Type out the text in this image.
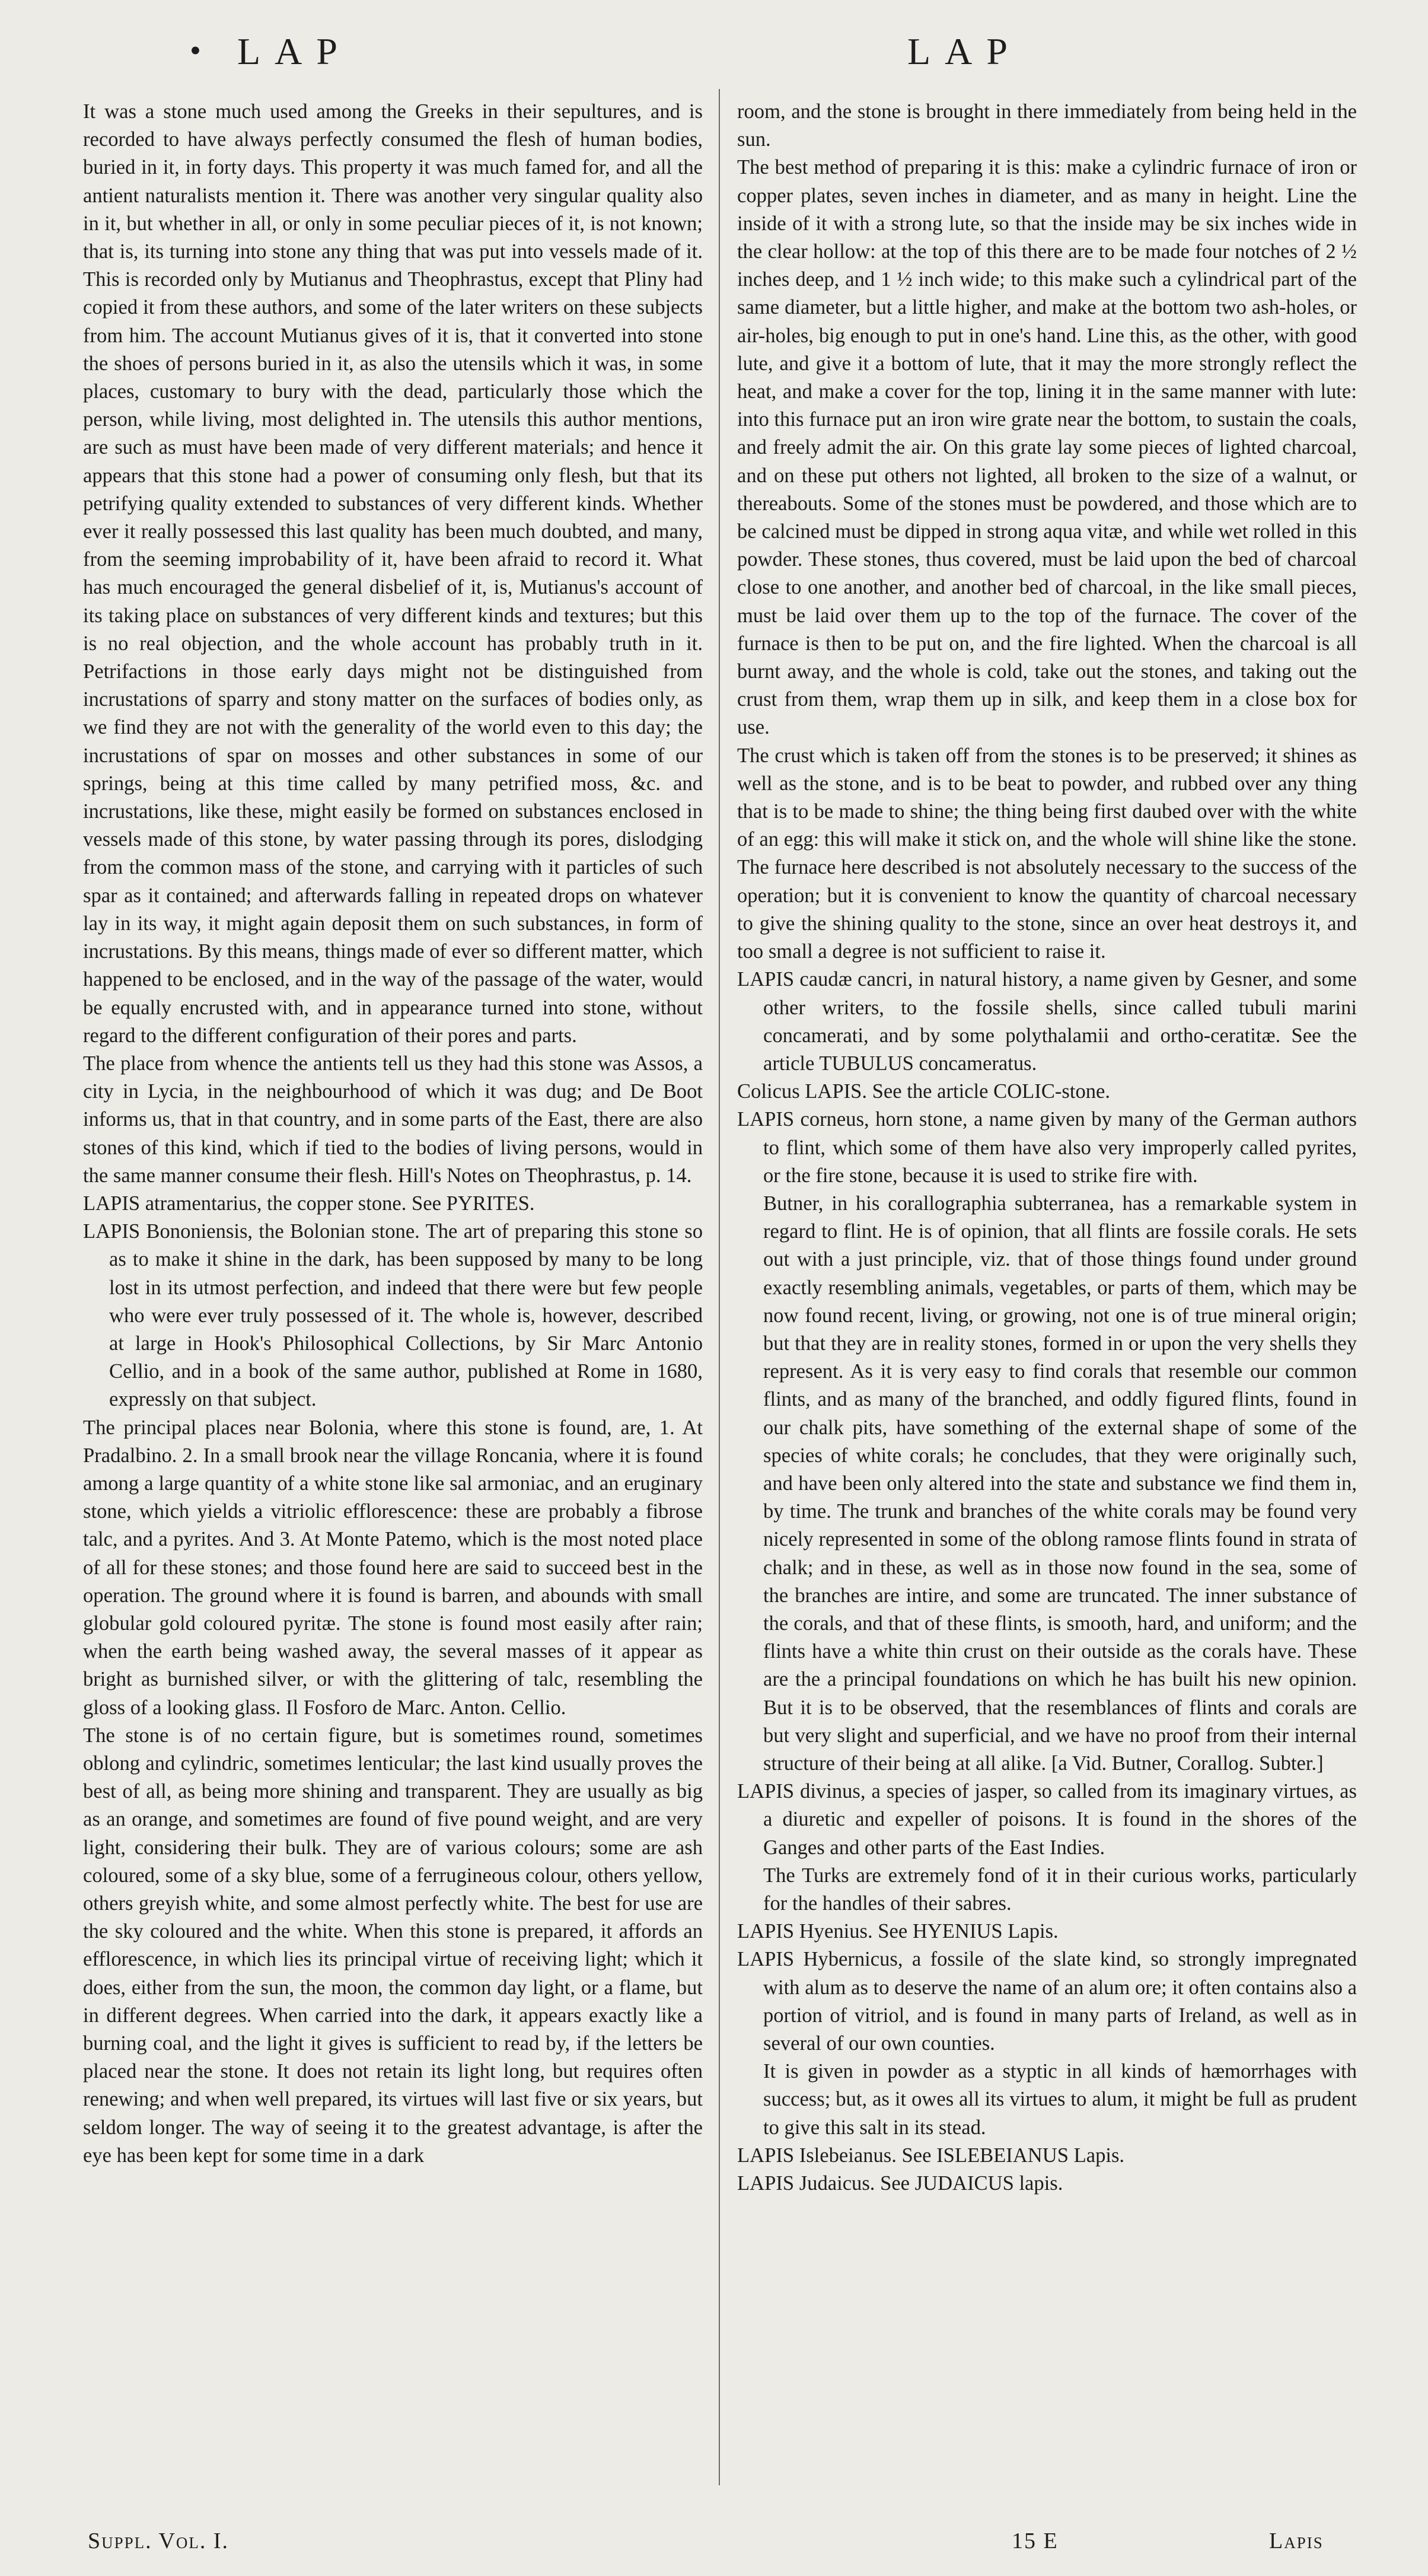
• LAP	LAP

It was a stone much used among the Greeks in their sepultures, and is recorded to have always perfectly consumed the flesh of human bodies, buried in it, in forty days. This property it was much famed for, and all the antient naturalists mention it. There was another very singular quality also in it, but whether in all, or only in some peculiar pieces of it, is not known; that is, its turning into stone any thing that was put into vessels made of it. This is recorded only by Mutianus and Theophrastus, except that Pliny had copied it from these authors, and some of the later writers on these subjects from him. The account Mutianus gives of it is, that it converted into stone the shoes of persons buried in it, as also the utensils which it was, in some places, customary to bury with the dead, particularly those which the person, while living, most delighted in. The utensils this author mentions, are such as must have been made of very different materials; and hence it appears that this stone had a power of consuming only flesh, but that its petrifying quality extended to substances of very different kinds. Whether ever it really possessed this last quality has been much doubted, and many, from the seeming improbability of it, have been afraid to record it. What has much encouraged the general disbelief of it, is, Mutianus's account of its taking place on substances of very different kinds and textures; but this is no real objection, and the whole account has probably truth in it. Petrifactions in those early days might not be distinguished from incrustations of sparry and stony matter on the surfaces of bodies only, as we find they are not with the generality of the world even to this day; the incrustations of spar on mosses and other substances in some of our springs, being at this time called by many petrified moss, &c. and incrustations, like these, might easily be formed on substances enclosed in vessels made of this stone, by water passing through its pores, dislodging from the common mass of the stone, and carrying with it particles of such spar as it contained; and afterwards falling in repeated drops on whatever lay in its way, it might again deposit them on such substances, in form of incrustations. By this means, things made of ever so different matter, which happened to be enclosed, and in the way of the passage of the water, would be equally encrusted with, and in appearance turned into stone, without regard to the different configuration of their pores and parts.

The place from whence the antients tell us they had this stone was Assos, a city in Lycia, in the neighbourhood of which it was dug; and De Boot informs us, that in that country, and in some parts of the East, there are also stones of this kind, which if tied to the bodies of living persons, would in the same manner consume their flesh. Hill's Notes on Theophrastus, p. 14.

LAPIS atramentarius, the copper stone. See PYRITES.

LAPIS Bononiensis, the Bolonian stone. The art of preparing this stone so as to make it shine in the dark, has been supposed by many to be long lost in its utmost perfection, and indeed that there were but few people who were ever truly possessed of it. The whole is, however, described at large in Hook's Philosophical Collections, by Sir Marc Antonio Cellio, and in a book of the same author, published at Rome in 1680, expressly on that subject.

The principal places near Bolonia, where this stone is found, are, 1. At Pradalbino. 2. In a small brook near the village Roncania, where it is found among a large quantity of a white stone like sal armoniac, and an eruginary stone, which yields a vitriolic efflorescence: these are probably a fibrose talc, and a pyrites. And 3. At Monte Patemo, which is the most noted place of all for these stones; and those found here are said to succeed best in the operation. The ground where it is found is barren, and abounds with small globular gold coloured pyritæ. The stone is found most easily after rain; when the earth being washed away, the several masses of it appear as bright as burnished silver, or with the glittering of talc, resembling the gloss of a looking glass. Il Fosforo de Marc. Anton. Cellio.

The stone is of no certain figure, but is sometimes round, sometimes oblong and cylindric, sometimes lenticular; the last kind usually proves the best of all, as being more shining and transparent. They are usually as big as an orange, and sometimes are found of five pound weight, and are very light, considering their bulk. They are of various colours; some are ash coloured, some of a sky blue, some of a ferrugineous colour, others yellow, others greyish white, and some almost perfectly white. The best for use are the sky coloured and the white. When this stone is prepared, it affords an efflorescence, in which lies its principal virtue of receiving light; which it does, either from the sun, the moon, the common day light, or a flame, but in different degrees. When carried into the dark, it appears exactly like a burning coal, and the light it gives is sufficient to read by, if the letters be placed near the stone. It does not retain its light long, but requires often renewing; and when well prepared, its virtues will last five or six years, but seldom longer. The way of seeing it to the greatest advantage, is after the eye has been kept for some time in a dark

room, and the stone is brought in there immediately from being held in the sun.

The best method of preparing it is this: make a cylindric furnace of iron or copper plates, seven inches in diameter, and as many in height. Line the inside of it with a strong lute, so that the inside may be six inches wide in the clear hollow: at the top of this there are to be made four notches of 2 ½ inches deep, and 1 ½ inch wide; to this make such a cylindrical part of the same diameter, but a little higher, and make at the bottom two ash-holes, or air-holes, big enough to put in one's hand. Line this, as the other, with good lute, and give it a bottom of lute, that it may the more strongly reflect the heat, and make a cover for the top, lining it in the same manner with lute: into this furnace put an iron wire grate near the bottom, to sustain the coals, and freely admit the air. On this grate lay some pieces of lighted charcoal, and on these put others not lighted, all broken to the size of a walnut, or thereabouts. Some of the stones must be powdered, and those which are to be calcined must be dipped in strong aqua vitæ, and while wet rolled in this powder. These stones, thus covered, must be laid upon the bed of charcoal close to one another, and another bed of charcoal, in the like small pieces, must be laid over them up to the top of the furnace. The cover of the furnace is then to be put on, and the fire lighted. When the charcoal is all burnt away, and the whole is cold, take out the stones, and taking out the crust from them, wrap them up in silk, and keep them in a close box for use.

The crust which is taken off from the stones is to be preserved; it shines as well as the stone, and is to be beat to powder, and rubbed over any thing that is to be made to shine; the thing being first daubed over with the white of an egg: this will make it stick on, and the whole will shine like the stone.

The furnace here described is not absolutely necessary to the success of the operation; but it is convenient to know the quantity of charcoal necessary to give the shining quality to the stone, since an over heat destroys it, and too small a degree is not sufficient to raise it.

LAPIS caudæ cancri, in natural history, a name given by Gesner, and some other writers, to the fossile shells, since called tubuli marini concamerati, and by some polythalamii and ortho-ceratitæ. See the article TUBULUS concameratus.

Colicus LAPIS. See the article COLIC-stone.

LAPIS corneus, horn stone, a name given by many of the German authors to flint, which some of them have also very improperly called pyrites, or the fire stone, because it is used to strike fire with.

Butner, in his corallographia subterranea, has a remarkable system in regard to flint. He is of opinion, that all flints are fossile corals. He sets out with a just principle, viz. that of those things found under ground exactly resembling animals, vegetables, or parts of them, which may be now found recent, living, or growing, not one is of true mineral origin; but that they are in reality stones, formed in or upon the very shells they represent. As it is very easy to find corals that resemble our common flints, and as many of the branched, and oddly figured flints, found in our chalk pits, have something of the external shape of some of the species of white corals; he concludes, that they were originally such, and have been only altered into the state and substance we find them in, by time. The trunk and branches of the white corals may be found very nicely represented in some of the oblong ramose flints found in strata of chalk; and in these, as well as in those now found in the sea, some of the branches are intire, and some are truncated. The inner substance of the corals, and that of these flints, is smooth, hard, and uniform; and the flints have a white thin crust on their outside as the corals have. These are the a principal foundations on which he has built his new opinion. But it is to be observed, that the resemblances of flints and corals are but very slight and superficial, and we have no proof from their internal structure of their being at all alike. [a Vid. Butner, Corallog. Subter.]

LAPIS divinus, a species of jasper, so called from its imaginary virtues, as a diuretic and expeller of poisons. It is found in the shores of the Ganges and other parts of the East Indies.

The Turks are extremely fond of it in their curious works, particularly for the handles of their sabres.

LAPIS Hyenius. See HYENIUS Lapis.

LAPIS Hybernicus, a fossile of the slate kind, so strongly impregnated with alum as to deserve the name of an alum ore; it often contains also a portion of vitriol, and is found in many parts of Ireland, as well as in several of our own counties.

It is given in powder as a styptic in all kinds of hæmorrhages with success; but, as it owes all its virtues to alum, it might be full as prudent to give this salt in its stead.

LAPIS Islebeianus. See ISLEBEIANUS Lapis.

LAPIS Judaicus. See JUDAICUS lapis.

Suppl. Vol. I.	15 E	Lapis
